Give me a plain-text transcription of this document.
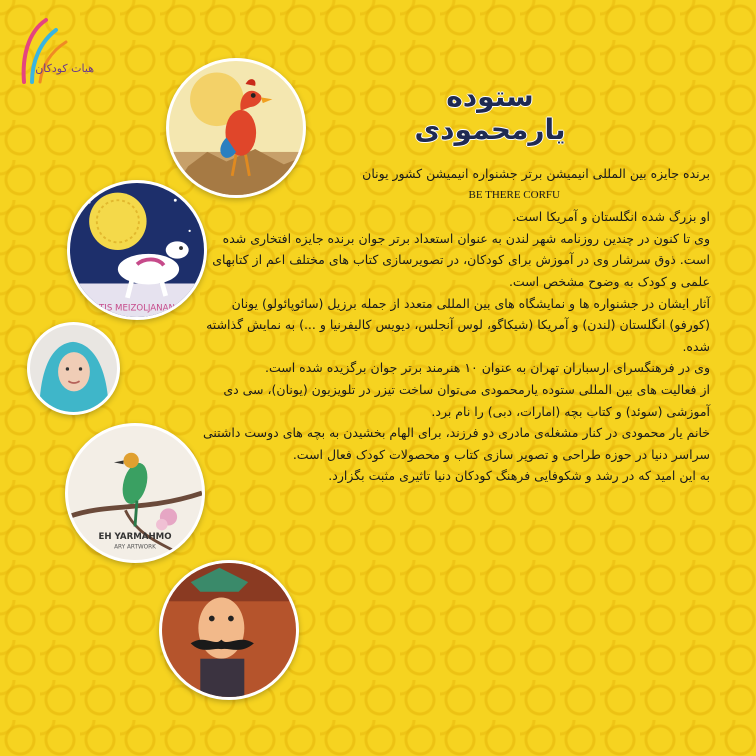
هیات کودکان
TIS MEIZOLJANAN
EH YARMAHMO
ARY ARTWORK
ستوده یارمحمودی

برنده جایزه بین المللی انیمیشن برتر جشنواره انیمیشن کشور یونان

BE THERE CORFU

او بزرگ شده انگلستان و آمریکا است.

وی تا کنون در چندین روزنامه شهر لندن به عنوان استعداد برتر جوان برنده جایزه افتخاری شده است. ذوق سرشار وی در آموزش برای کودکان، در تصویرسازی کتاب های مختلف اعم از کتابهای علمی و کودک به وضوح مشخص است.

آثار ایشان در جشنواره ها و نمایشگاه های بین المللی متعدد از جمله برزیل (سائوپائولو) یونان (کورفو) انگلستان (لندن) و آمریکا (شیکاگو، لوس آنجلس، دیویس کالیفرنیا و ...) به نمایش گذاشته شده.

وی در فرهنگسرای ارسباران تهران به عنوان ۱۰ هنرمند برتر جوان برگزیده شده است.

از فعالیت های بین المللی ستوده یارمحمودی می‌توان ساخت تیزر در تلویزیون (یونان)، سی دی آموزشی (سوئد) و کتاب بچه (امارات، دبی) را نام برد.

خانم یار محمودی در کنار مشغله‌ی مادری دو فرزند، برای الهام بخشیدن به بچه های دوست داشتنی سراسر دنیا در حوزه طراحی و تصویر سازی کتاب و محصولات کودک فعال است.

به این امید که در رشد و شکوفایی فرهنگ کودکان دنیا تاثیری مثبت بگزارد.
